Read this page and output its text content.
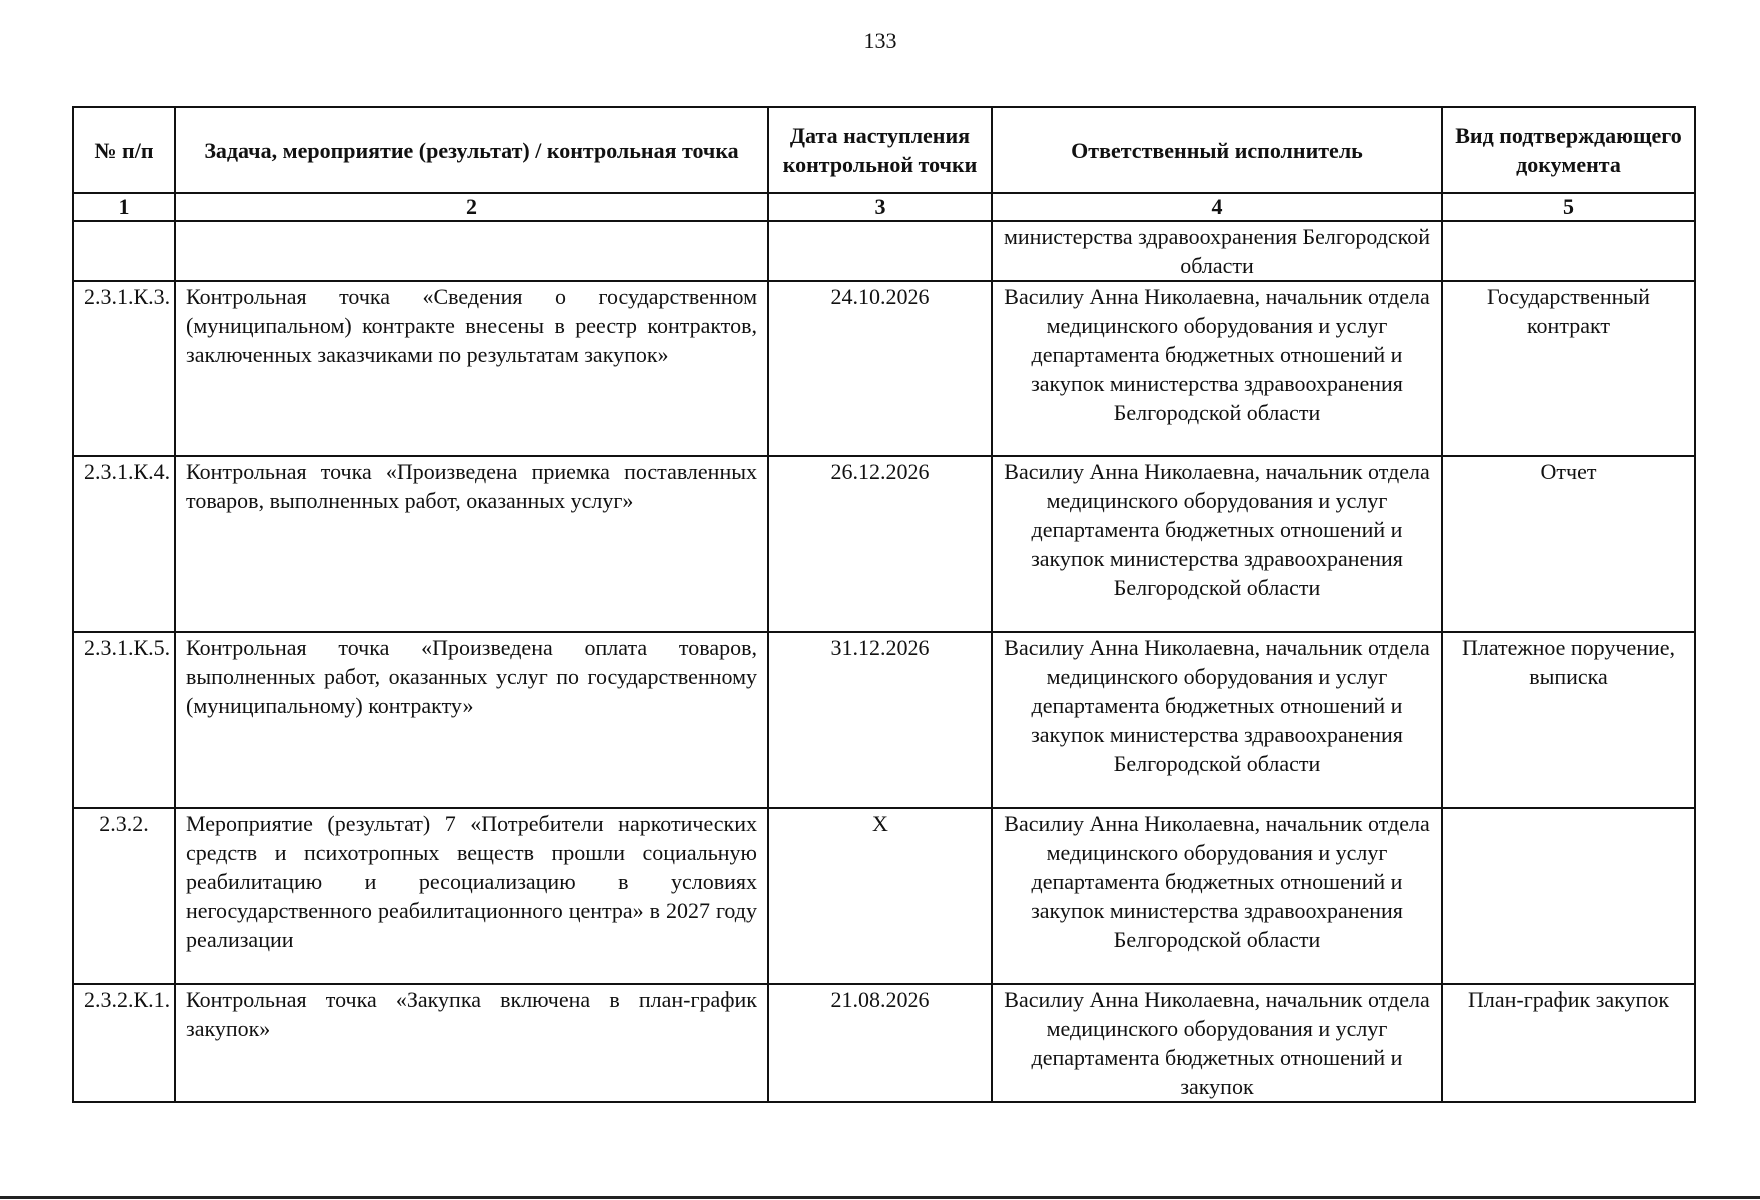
133
№ п/п	Задача, мероприятие (результат) / контрольная точка	Дата наступления контрольной точки	Ответственный исполнитель	Вид подтверждающего документа
1	2	3	4	5
			министерства здравоохранения Белгородской области	
2.3.1.К.3.	Контрольная точка «Сведения о государственном (муниципальном) контракте внесены в реестр контрактов, заключенных заказчиками по результатам закупок»	24.10.2026	Василиу Анна Николаевна, начальник отдела медицинского оборудования и услуг департамента бюджетных отношений и закупок министерства здравоохранения Белгородской области	Государственный контракт
2.3.1.К.4.	Контрольная точка «Произведена приемка поставленных товаров, выполненных работ, оказанных услуг»	26.12.2026	Василиу Анна Николаевна, начальник отдела медицинского оборудования и услуг департамента бюджетных отношений и закупок министерства здравоохранения Белгородской области	Отчет
2.3.1.К.5.	Контрольная точка «Произведена оплата товаров, выполненных работ, оказанных услуг по государственному (муниципальному) контракту»	31.12.2026	Василиу Анна Николаевна, начальник отдела медицинского оборудования и услуг департамента бюджетных отношений и закупок министерства здравоохранения Белгородской области	Платежное поручение, выписка
2.3.2.	Мероприятие (результат) 7 «Потребители наркотических средств и психотропных веществ прошли социальную реабилитацию и ресоциализацию в условиях негосударственного реабилитационного центра» в 2027 году реализации	Х	Василиу Анна Николаевна, начальник отдела медицинского оборудования и услуг департамента бюджетных отношений и закупок министерства здравоохранения Белгородской области	
2.3.2.К.1.	Контрольная точка «Закупка включена в план-график закупок»	21.08.2026	Василиу Анна Николаевна, начальник отдела медицинского оборудования и услуг департамента бюджетных отношений и закупок	План-график закупок
